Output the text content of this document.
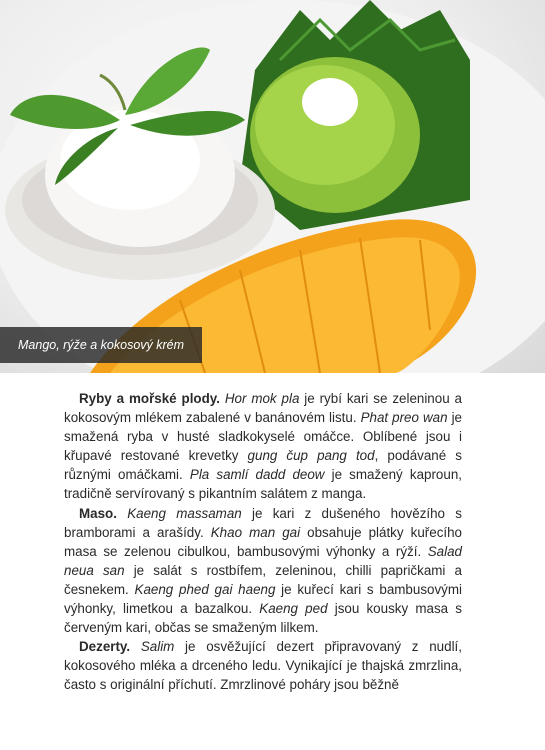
Mango, rýže a kokosový krém

Ryby a mořské plody. Hor mok pla je rybí kari se zeleninou a kokosovým mlékem zabalené v banánovém listu. Phat preo wan je smažená ryba v husté sladkokyselé omáčce. Oblíbené jsou i křupavé restované krevetky gung čup pang tod, podávané s různými omáčkami. Pla samlí dadd deow je smažený kaproun, tradičně servírovaný s pikantním salátem z manga.

Maso. Kaeng massaman je kari z dušeného hovězího s bramborami a arašídy. Khao man gai obsahuje plátky kuřecího masa se zelenou cibulkou, bambusovými výhonky a rýží. Salad neua san je salát s rostbífem, zeleninou, chilli papričkami a česnekem. Kaeng phed gai haeng je kuřecí kari s bambusovými výhonky, limetkou a bazalkou. Kaeng ped jsou kousky masa s červeným kari, občas se smaženým lilkem.

Dezerty. Salim je osvěžující dezert připravovaný z nudlí, kokosového mléka a drceného ledu. Vynikající je thajská zmrzlina, často s originální příchutí. Zmrzlinové poháry jsou běžně
